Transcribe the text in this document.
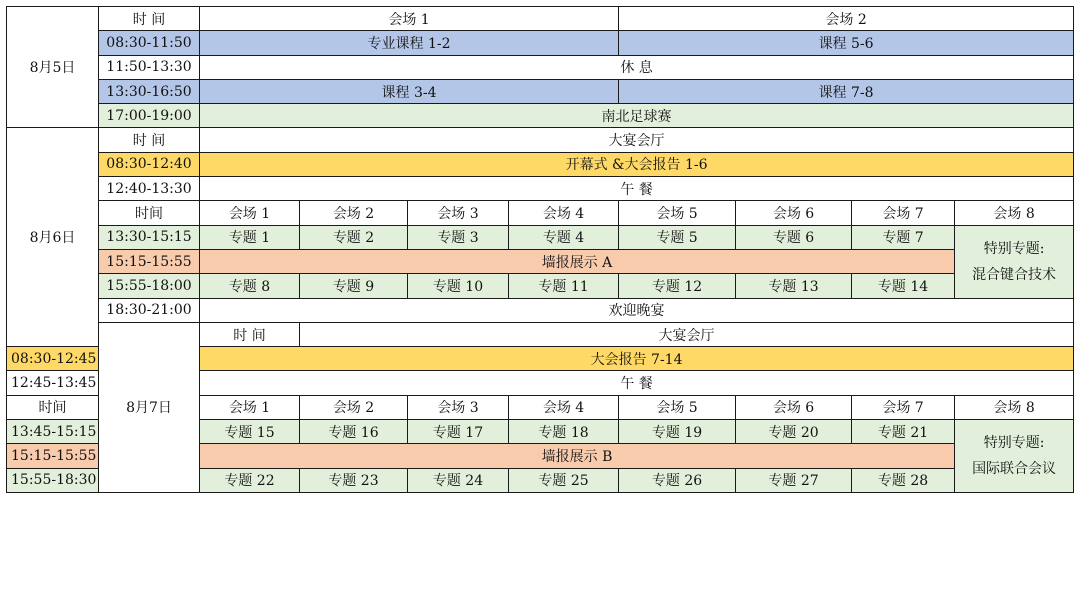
8月5日	时 间	会场 1				会场 2			
	08:30-11:50	专业课程 1-2				课程 5-6			
	11:50-13:30	休 息							
	13:30-16:50	课程 3-4				课程 7-8			
	17:00-19:00	南北足球赛							
8月6日	时 间	大宴会厅							
	08:30-12:40	开幕式 &大会报告 1-6							
	12:40-13:30	午 餐							
	时间	会场 1	会场 2	会场 3	会场 4	会场 5	会场 6	会场 7	会场 8
	13:30-15:15	专题 1	专题 2	专题 3	专题 4	专题 5	专题 6	专题 7	特别专题:
混合键合技术

	15:15-15:55	墙报展示 A							
	15:55-18:00	专题 8	专题 9	专题 10	专题 11	专题 12	专题 13	专题 14	
	18:30-21:00	欢迎晚宴							
	8月7日	时 间	大宴会厅						
08:30-12:45		大会报告 7-14							
12:45-13:45		午 餐							
时间		会场 1	会场 2	会场 3	会场 4	会场 5	会场 6	会场 7	会场 8
13:45-15:15		专题 15	专题 16	专题 17	专题 18	专题 19	专题 20	专题 21	特别专题:
国际联合会议

15:15-15:55		墙报展示 B							
15:55-18:30		专题 22	专题 23	专题 24	专题 25	专题 26	专题 27	专题 28	
